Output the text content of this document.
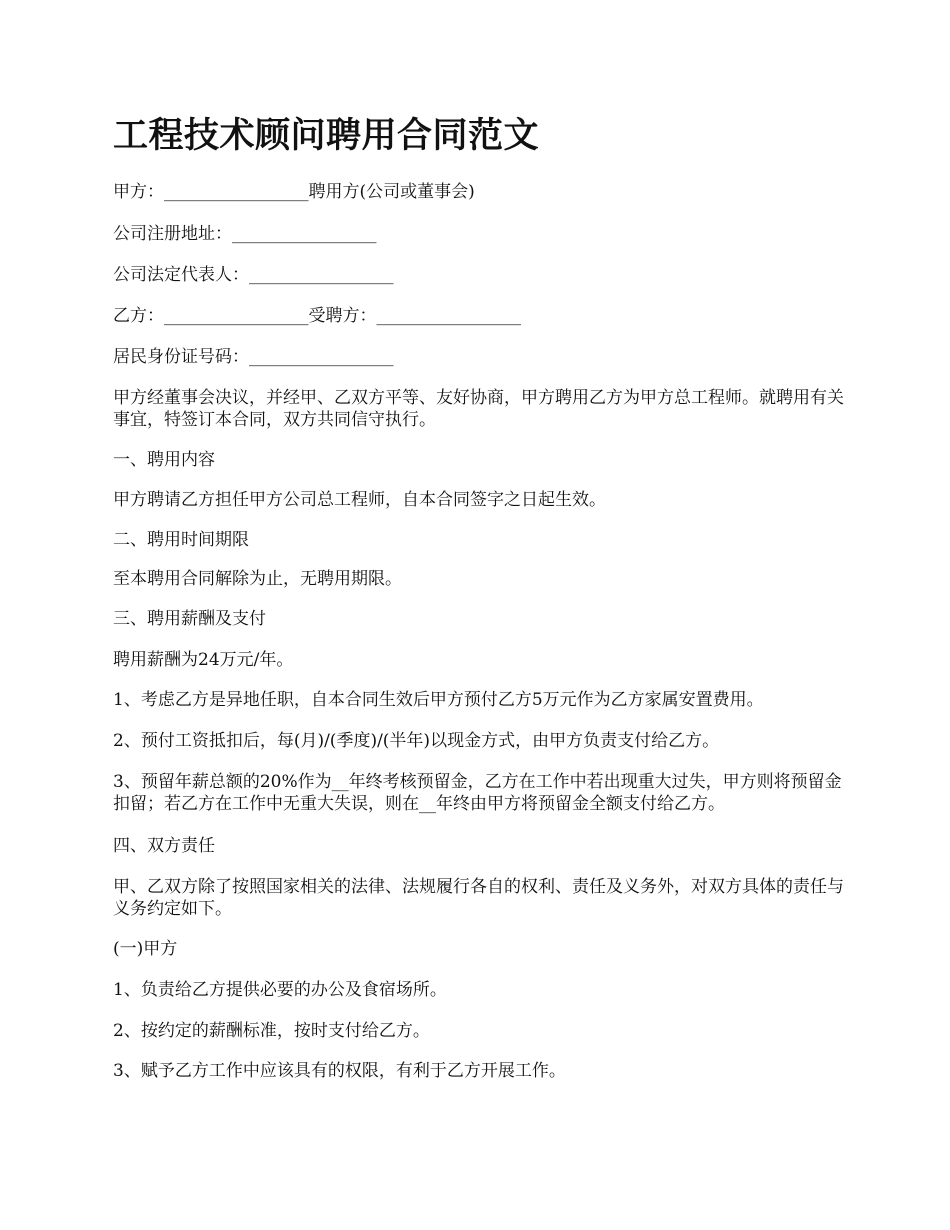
工程技术顾问聘用合同范文

甲方：_________________聘用方(公司或董事会)

公司注册地址：_________________

公司法定代表人：_________________

乙方：_________________受聘方：_________________

居民身份证号码：_________________

甲方经董事会决议，并经甲、乙双方平等、友好协商，甲方聘用乙方为甲方总工程师。就聘用有关事宜，特签订本合同，双方共同信守执行。

一、聘用内容

甲方聘请乙方担任甲方公司总工程师，自本合同签字之日起生效。

二、聘用时间期限

至本聘用合同解除为止，无聘用期限。

三、聘用薪酬及支付

聘用薪酬为24万元/年。

1、考虑乙方是异地任职，自本合同生效后甲方预付乙方5万元作为乙方家属安置费用。

2、预付工资抵扣后，每(月)/(季度)/(半年)以现金方式，由甲方负责支付给乙方。

3、预留年薪总额的20%作为__年终考核预留金，乙方在工作中若出现重大过失，甲方则将预留金扣留；若乙方在工作中无重大失误，则在__年终由甲方将预留金全额支付给乙方。

四、双方责任

甲、乙双方除了按照国家相关的法律、法规履行各自的权利、责任及义务外，对双方具体的责任与义务约定如下。

(一)甲方

1、负责给乙方提供必要的办公及食宿场所。

2、按约定的薪酬标准，按时支付给乙方。

3、赋予乙方工作中应该具有的权限，有利于乙方开展工作。
